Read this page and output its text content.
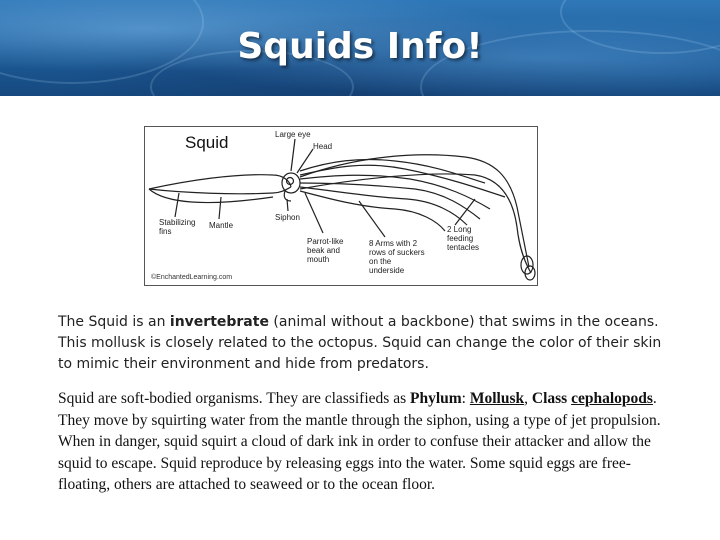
Squids Info!
Squid	Large eye
Head
Stabilizing
fins
Mantle
Siphon
Parrot-like
beak and
mouth
8 Arms with 2
rows of suckers
on the
underside
2 Long
feeding
tentacles
©EnchantedLearning.com

The Squid is an invertebrate (animal without a backbone) that swims in the oceans. This mollusk is closely related to the octopus. Squid can change the color of their skin to mimic their environment and hide from predators.

Squid are soft-bodied organisms. They are classifieds as Phylum: Mollusk, Class cephalopods. They move by squirting water from the mantle through the siphon, using a type of jet propulsion. When in danger, squid squirt a cloud of dark ink in order to confuse their attacker and allow the squid to escape. Squid reproduce by releasing eggs into the water. Some squid eggs are free-floating, others are attached to seaweed or to the ocean floor.
